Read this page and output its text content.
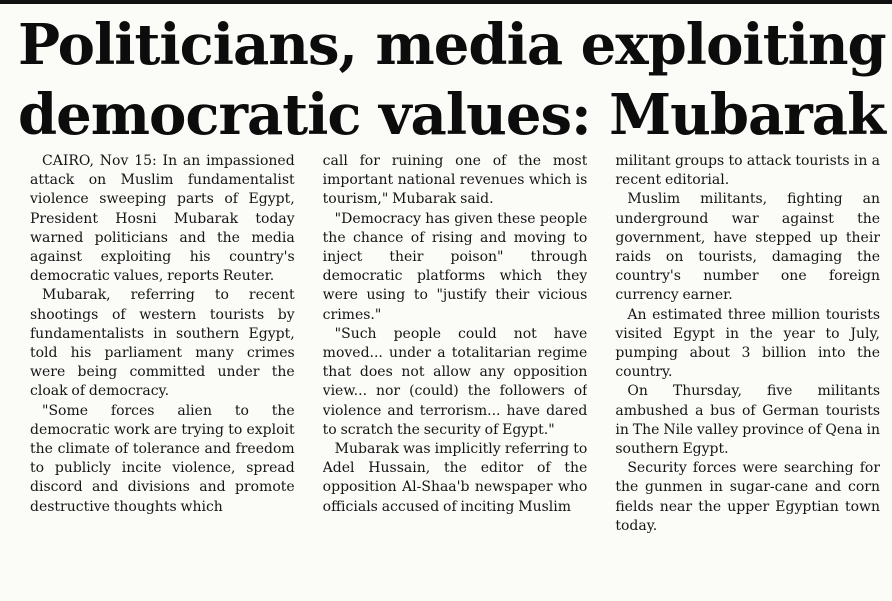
Politicians, media exploiting
democratic values: Mubarak

CAIRO, Nov 15: In an impassioned attack on Muslim fundamentalist violence sweeping parts of Egypt, President Hosni Mubarak today warned politicians and the media against exploiting his country's democratic values, reports Reuter.

Mubarak, referring to recent shootings of western tourists by fundamentalists in southern Egypt, told his parliament many crimes were being committed under the cloak of democracy.

"Some forces alien to the democratic work are trying to exploit the climate of tolerance and freedom to publicly incite violence, spread discord and divisions and promote destructive thoughts which

call for ruining one of the most important national revenues which is tourism," Mubarak said.

"Democracy has given these people the chance of rising and moving to inject their poison" through democratic platforms which they were using to "justify their vicious crimes."

"Such people could not have moved... under a totalitarian regime that does not allow any opposition view... nor (could) the followers of violence and terrorism... have dared to scratch the security of Egypt."

Mubarak was implicitly referring to Adel Hussain, the editor of the opposition Al-Shaa'b newspaper who officials accused of inciting Muslim

militant groups to attack tourists in a recent editorial.

Muslim militants, fighting an underground war against the government, have stepped up their raids on tourists, damaging the country's number one foreign currency earner.

An estimated three million tourists visited Egypt in the year to July, pumping about 3 billion into the country.

On Thursday, five militants ambushed a bus of German tourists in The Nile valley province of Qena in southern Egypt.

Security forces were searching for the gunmen in sugar-cane and corn fields near the upper Egyptian town today.
